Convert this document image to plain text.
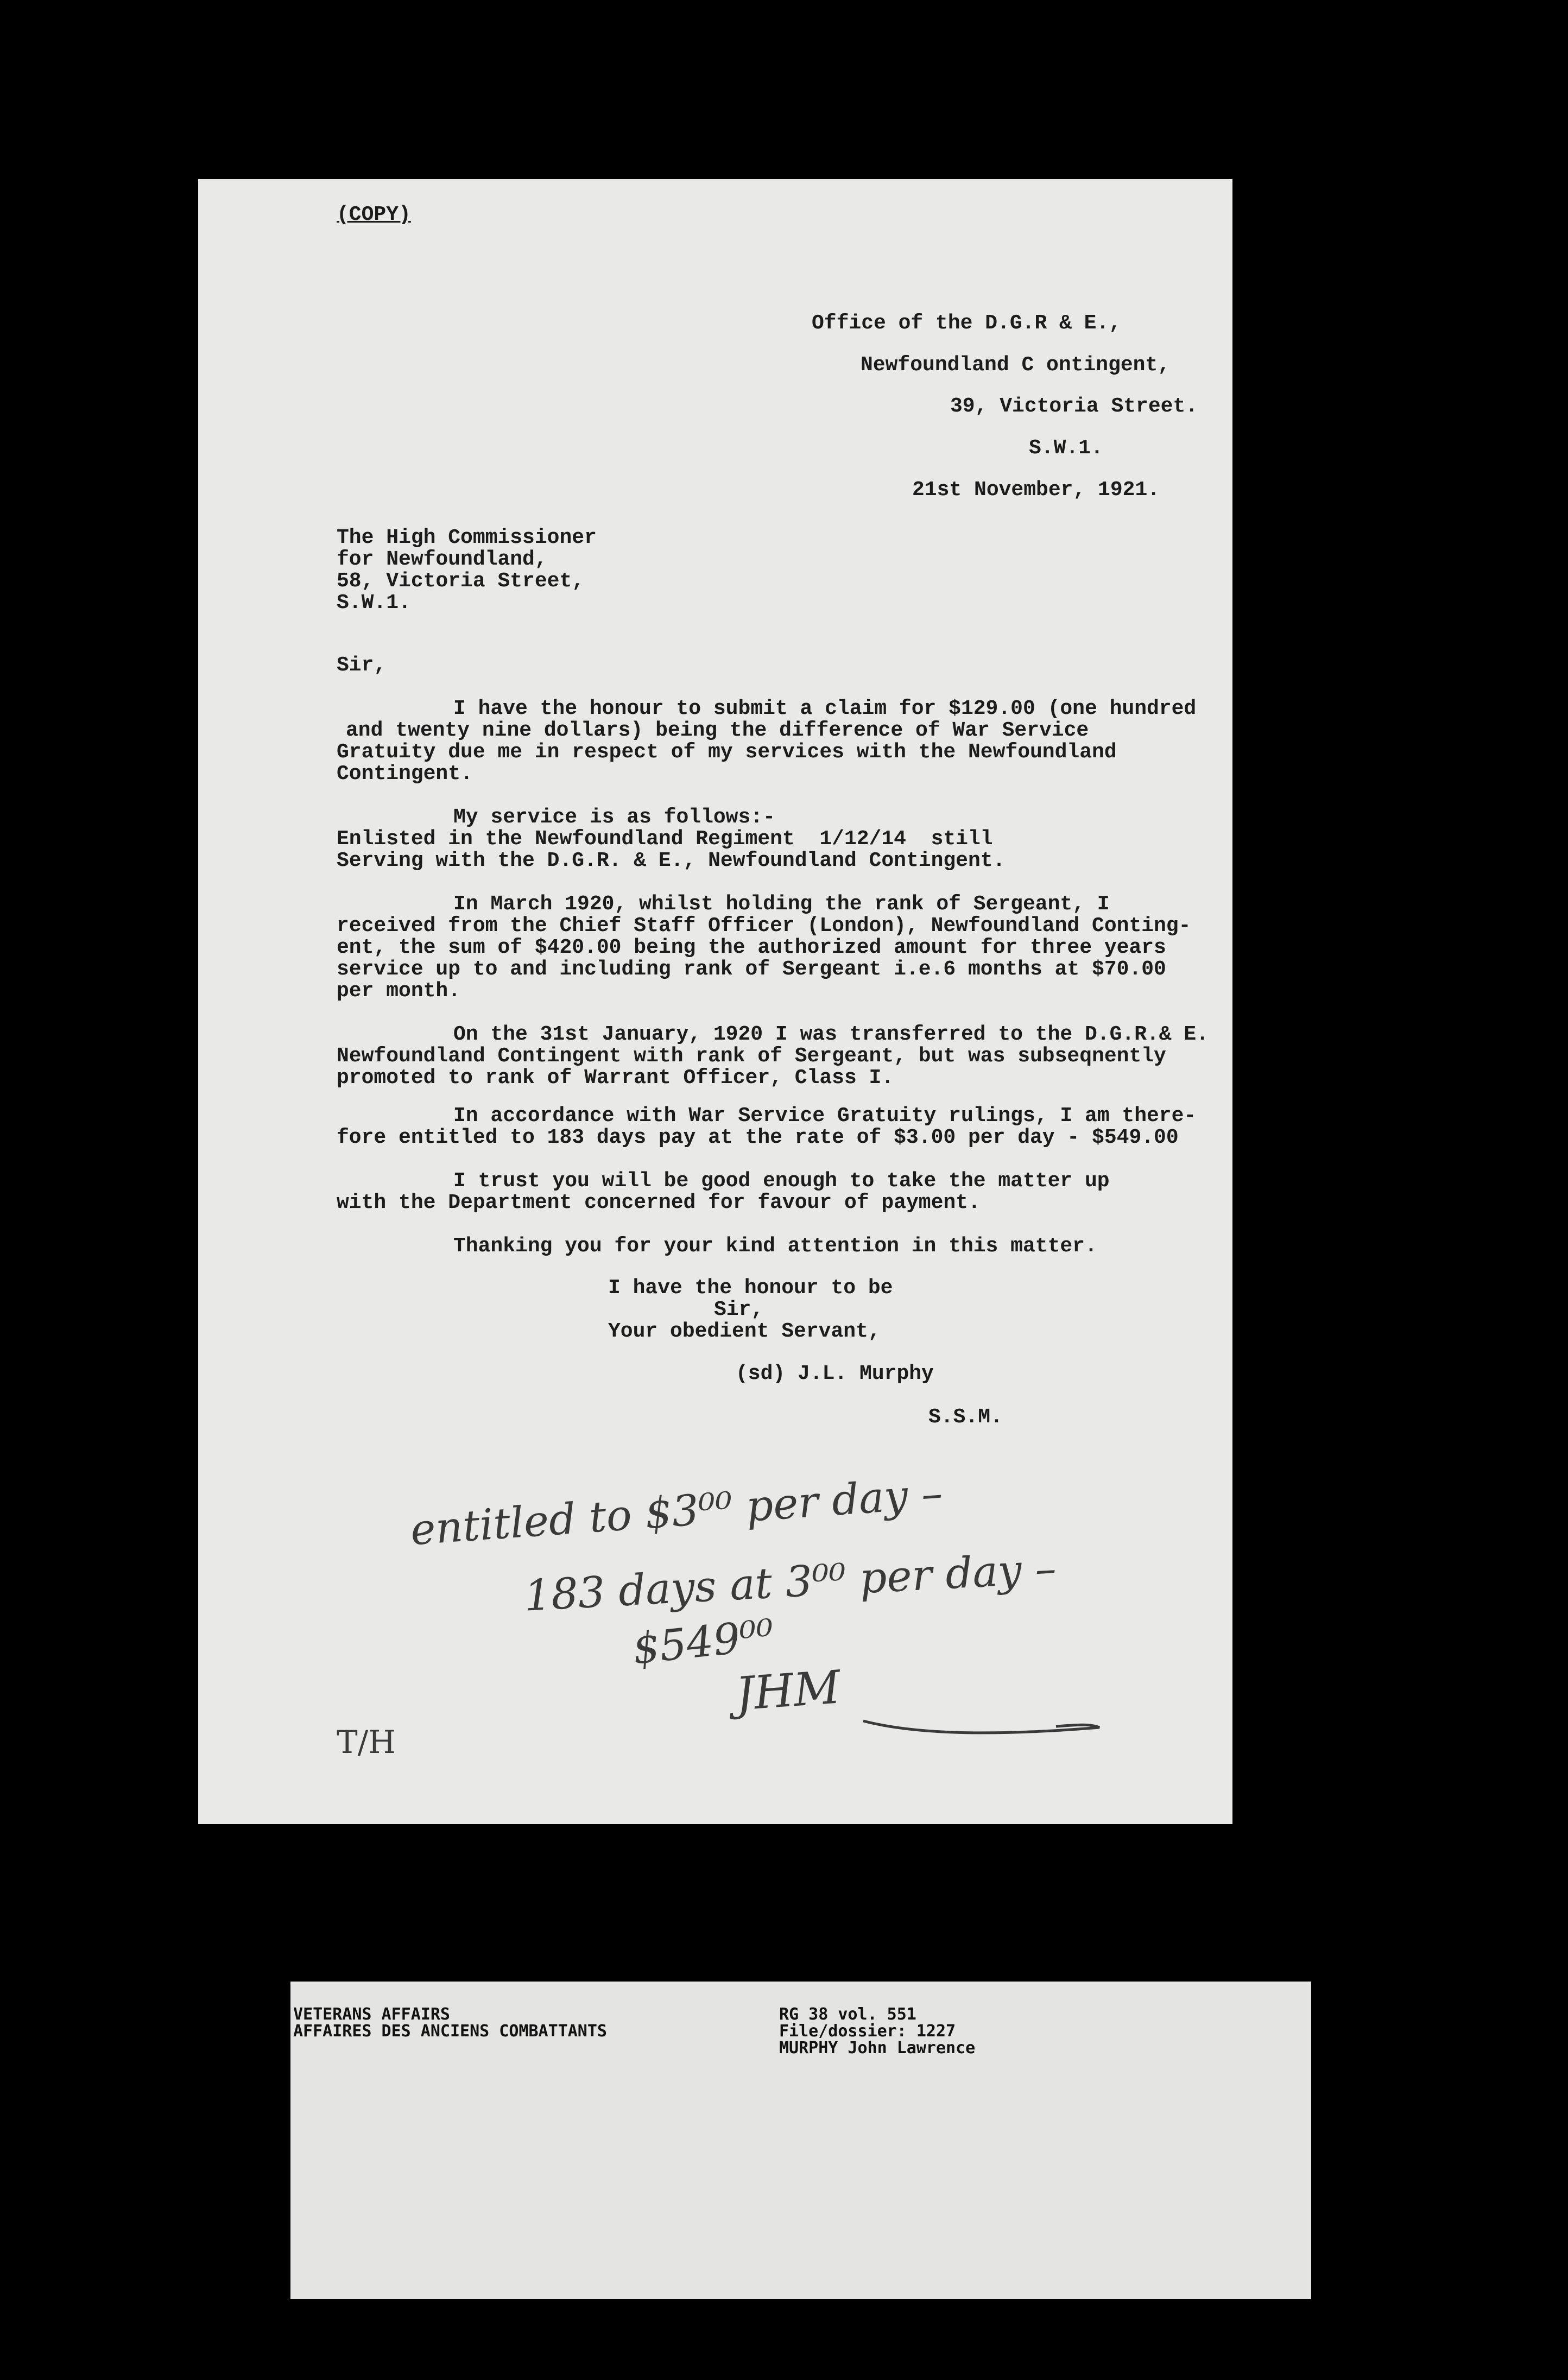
(COPY)
Office of the D.G.R & E.,
Newfoundland C ontingent,
39, Victoria Street.
S.W.1.
21st November, 1921.
The High Commissioner
for Newfoundland,
58, Victoria Street,
S.W.1.
Sir,
I have the honour to submit a claim for $129.00 (one hundred
and twenty nine dollars) being the difference of War Service
Gratuity due me in respect of my services with the Newfoundland
Contingent.
My service is as follows:-
Enlisted in the Newfoundland Regiment  1/12/14  still
Serving with the D.G.R. & E., Newfoundland Contingent.
In March 1920, whilst holding the rank of Sergeant, I
received from the Chief Staff Officer (London), Newfoundland Conting-
ent, the sum of $420.00 being the authorized amount for three years
service up to and including rank of Sergeant i.e.6 months at $70.00
per month.
On the 31st January, 1920 I was transferred to the D.G.R.& E.
Newfoundland Contingent with rank of Sergeant, but was subseqnently
promoted to rank of Warrant Officer, Class I.
In accordance with War Service Gratuity rulings, I am there-
fore entitled to 183 days pay at the rate of $3.00 per day - $549.00
I trust you will be good enough to take the matter up
with the Department concerned for favour of payment.
Thanking you for your kind attention in this matter.
I have the honour to be
Sir,
Your obedient Servant,
(sd) J.L. Murphy
S.S.M.
entitled to $3⁰⁰ per day –
183 days at 3⁰⁰ per day –
$549⁰⁰
JHM
T/H
VETERANS AFFAIRS
AFFAIRES DES ANCIENS COMBATTANTS
RG 38 vol. 551
File/dossier: 1227
MURPHY John Lawrence
